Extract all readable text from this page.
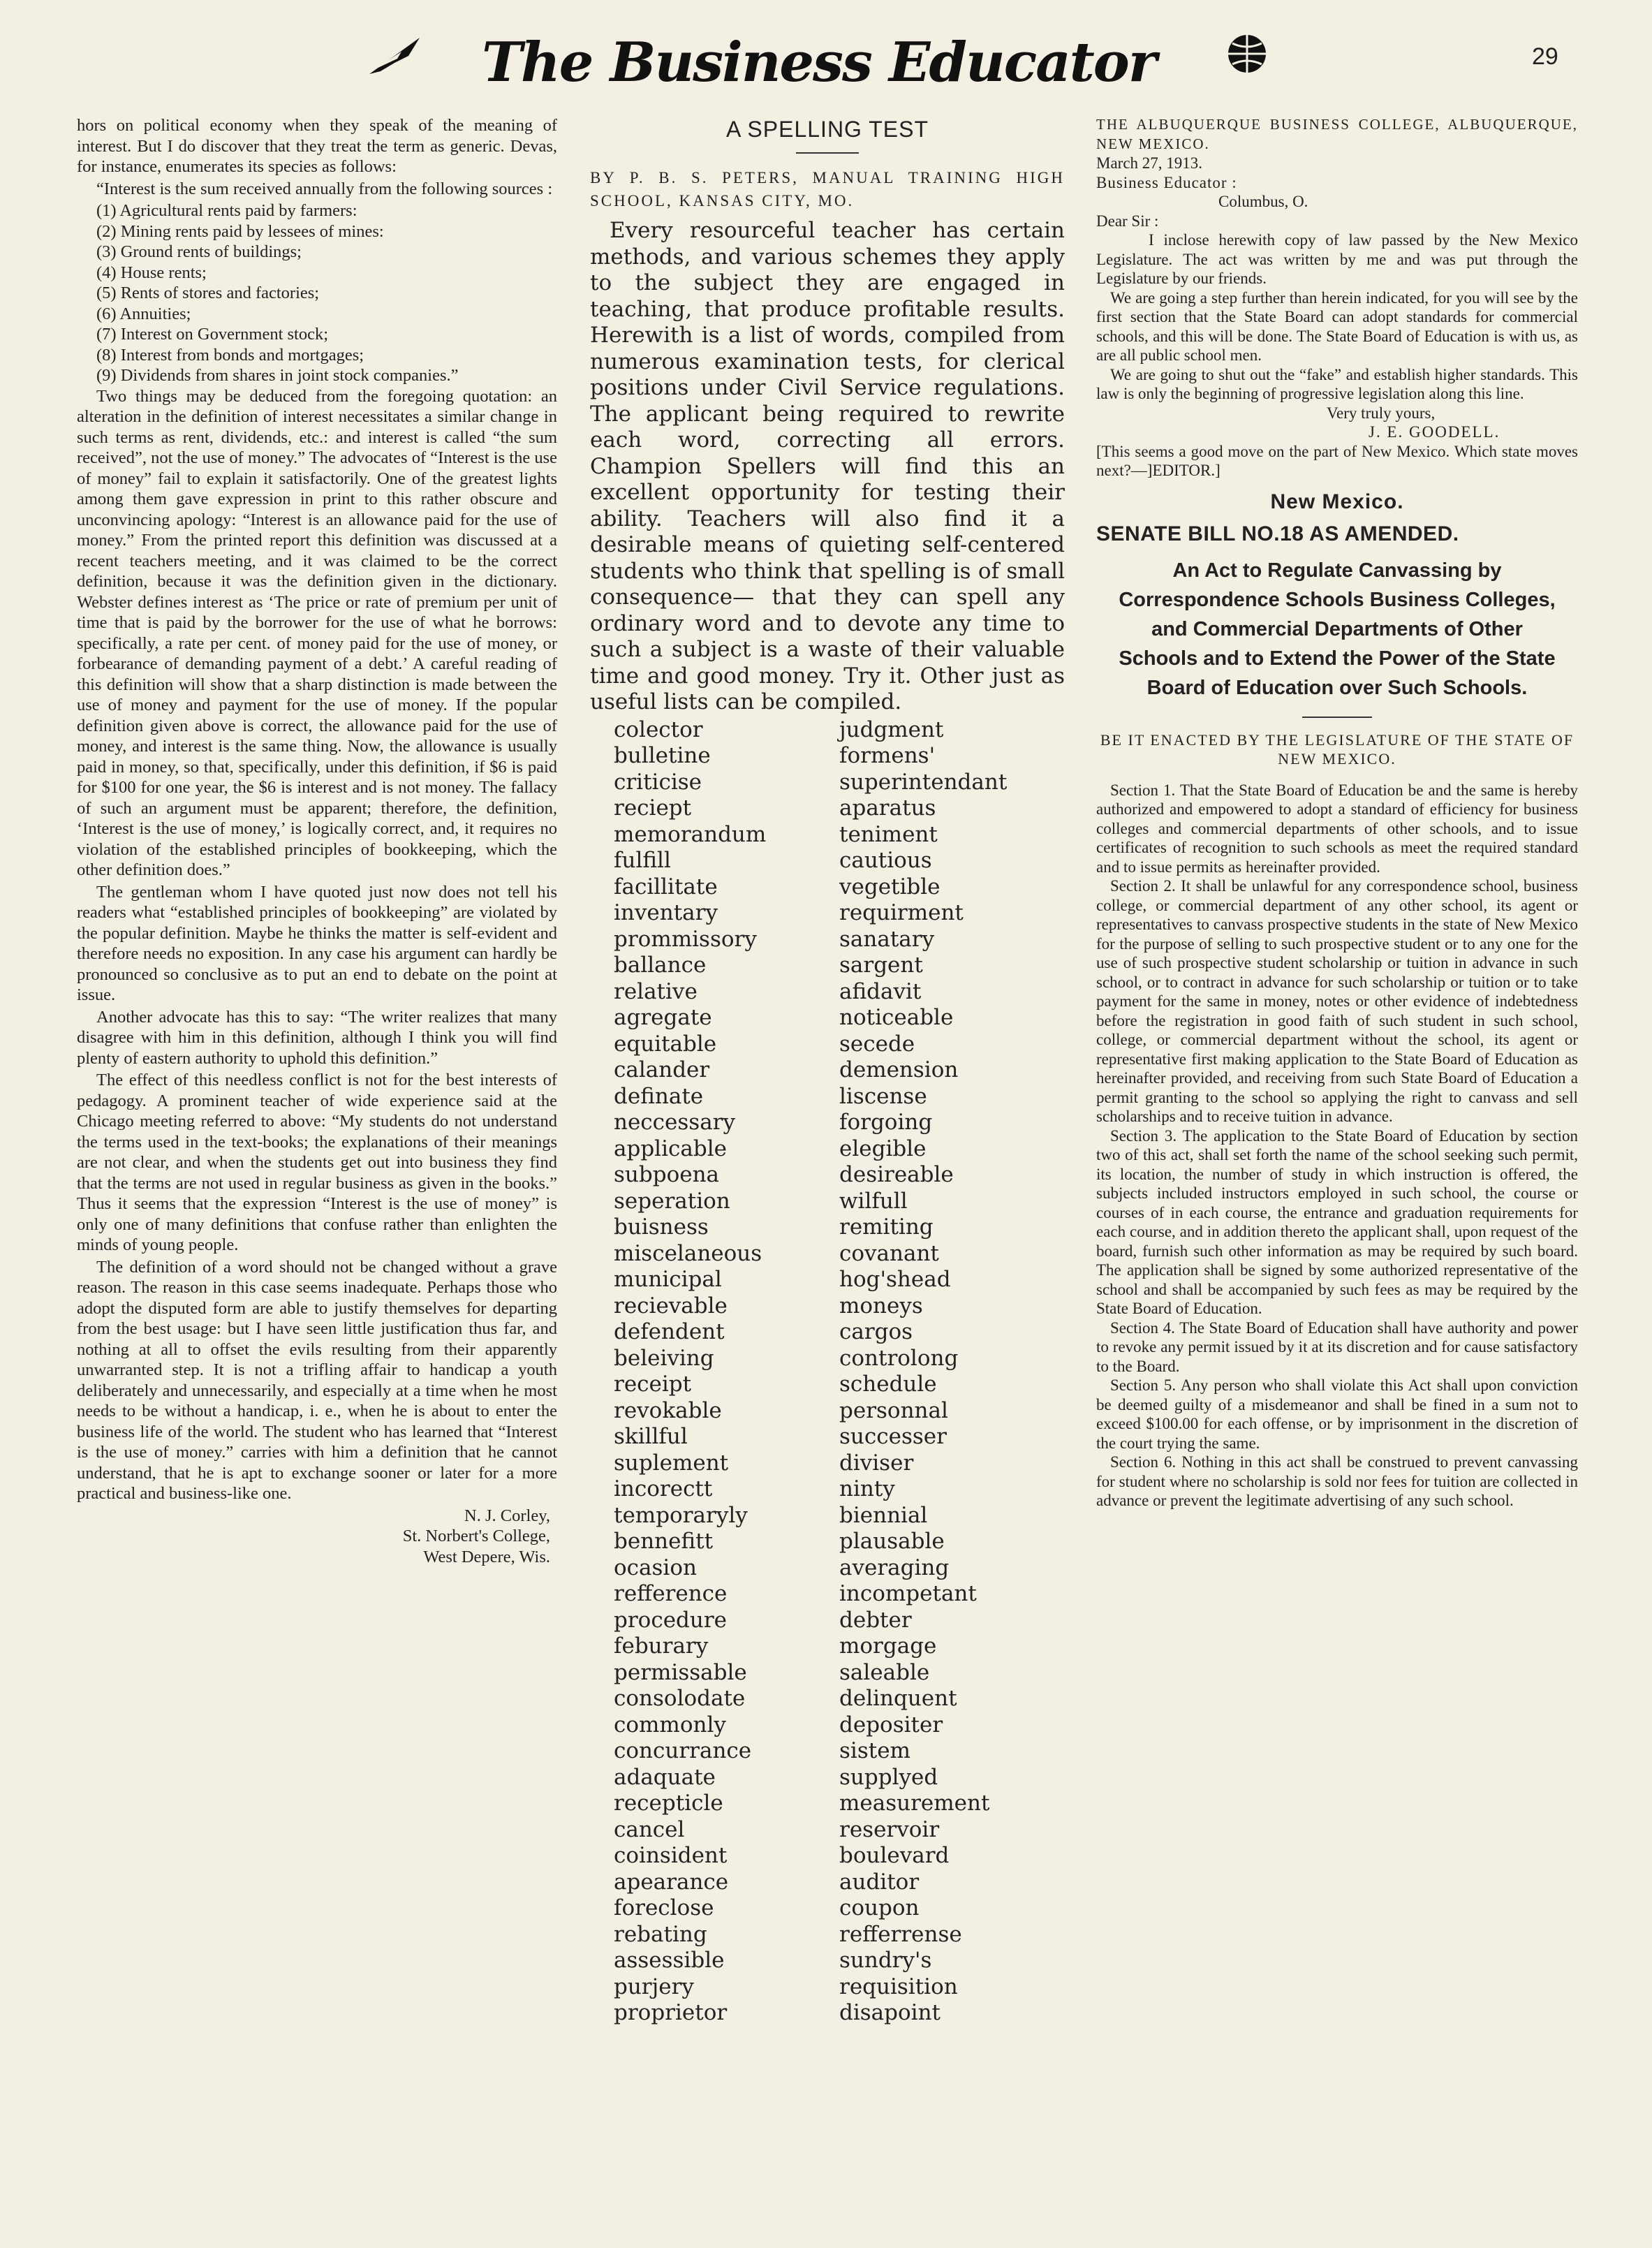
The Business Educator	29

hors on political economy when they speak of the meaning of interest. But I do discover that they treat the term as generic. Devas, for instance, enumerates its species as follows:

“Interest is the sum received annually from the following sources :

(1) Agricultural rents paid by farmers:
(2) Mining rents paid by lessees of mines:
(3) Ground rents of buildings;
(4) House rents;
(5) Rents of stores and factories;
(6) Annuities;
(7) Interest on Government stock;
(8) Interest from bonds and mortgages;
(9) Dividends from shares in joint stock companies.”

Two things may be deduced from the foregoing quotation: an alteration in the definition of interest necessitates a similar change in such terms as rent, dividends, etc.: and interest is called “the sum received”, not the use of money.” The advocates of “Interest is the use of money” fail to explain it satisfactorily. One of the greatest lights among them gave expression in print to this rather obscure and unconvincing apology: “Interest is an allowance paid for the use of money.” From the printed report this definition was discussed at a recent teachers meeting, and it was claimed to be the correct definition, because it was the definition given in the dictionary. Webster defines interest as ‘The price or rate of premium per unit of time that is paid by the borrower for the use of what he borrows: specifically, a rate per cent. of money paid for the use of money, or forbearance of demanding payment of a debt.’ A careful reading of this definition will show that a sharp distinction is made between the use of money and payment for the use of money. If the popular definition given above is correct, the allowance paid for the use of money, and interest is the same thing. Now, the allowance is usually paid in money, so that, specifically, under this definition, if $6 is paid for $100 for one year, the $6 is interest and is not money. The fallacy of such an argument must be apparent; therefore, the definition, ‘Interest is the use of money,’ is logically correct, and, it requires no violation of the established principles of bookkeeping, which the other definition does.”

The gentleman whom I have quoted just now does not tell his readers what “established principles of bookkeeping” are violated by the popular definition. Maybe he thinks the matter is self-evident and therefore needs no exposition. In any case his argument can hardly be pronounced so conclusive as to put an end to debate on the point at issue.

Another advocate has this to say: “The writer realizes that many disagree with him in this definition, although I think you will find plenty of eastern authority to uphold this definition.”

The effect of this needless conflict is not for the best interests of pedagogy. A prominent teacher of wide experience said at the Chicago meeting referred to above: “My students do not understand the terms used in the text-books; the explanations of their meanings are not clear, and when the students get out into business they find that the terms are not used in regular business as given in the books.” Thus it seems that the expression “Interest is the use of money” is only one of many definitions that confuse rather than enlighten the minds of young people.

The definition of a word should not be changed without a grave reason. The reason in this case seems inadequate. Perhaps those who adopt the disputed form are able to justify themselves for departing from the best usage: but I have seen little justification thus far, and nothing at all to offset the evils resulting from their apparently unwarranted step. It is not a trifling affair to handicap a youth deliberately and unnecessarily, and especially at a time when he most needs to be without a handicap, i. e., when he is about to enter the business life of the world. The student who has learned that “Interest is the use of money.” carries with him a definition that he cannot understand, that he is apt to exchange sooner or later for a more practical and business-like one.

N. J. Corley,
St. Norbert's College,
West Depere, Wis.
A SPELLING TEST
BY P. B. S. PETERS, MANUAL TRAINING HIGH SCHOOL, KANSAS CITY, MO.
Every resourceful teacher has certain methods, and various schemes they apply to the subject they are engaged in teaching, that produce profitable results. Herewith is a list of words, compiled from numerous examination tests, for clerical positions under Civil Service regulations. The applicant being required to rewrite each word, correcting all errors. Champion Spellers will find this an excellent opportunity for testing their ability. Teachers will also find it a desirable means of quieting self-centered students who think that spelling is of small consequence— that they can spell any ordinary word and to devote any time to such a subject is a waste of their valuable time and good money. Try it. Other just as useful lists can be compiled.
colector
bulletine
criticise
reciept
memorandum
fulfill
facillitate
inventary
prommissory
ballance
relative
agregate
equitable
calander
definate
neccessary
applicable
subpoena
seperation
buisness
miscelaneous
municipal
recievable
defendent
beleiving
receipt
revokable
skillful
suplement
incorectt
temporaryly
bennefitt
ocasion
refference
procedure
feburary
permissable
consolodate
commonly
concurrance
adaquate
recepticle
cancel
coinsident
apearance
foreclose
rebating
assessible
purjery
proprietor
judgment
formens'
superintendant
aparatus
teniment
cautious
vegetible
requirment
sanatary
sargent
afidavit
noticeable
secede
demension
liscense
forgoing
elegible
desireable
wilfull
remiting
covanant
hog'shead
moneys
cargos
controlong
schedule
personnal
successer
diviser
ninty
biennial
plausable
averaging
incompetant
debter
morgage
saleable
delinquent
depositer
sistem
supplyed
measurement
reservoir
boulevard
auditor
coupon
refferrense
sundry's
requisition
disapoint

THE ALBUQUERQUE BUSINESS COLLEGE, ALBUQUERQUE, NEW MEXICO.

March 27, 1913.

Business Educator :

Columbus, O.

Dear Sir :

I inclose herewith copy of law passed by the New Mexico Legislature. The act was written by me and was put through the Legislature by our friends.

We are going a step further than herein indicated, for you will see by the first section that the State Board can adopt standards for commercial schools, and this will be done. The State Board of Education is with us, as are all public school men.

We are going to shut out the “fake” and establish higher standards. This law is only the beginning of progressive legislation along this line.

Very truly yours,

J. E. GOODELL.

[This seems a good move on the part of New Mexico. Which state moves next?—]EDITOR.]

New Mexico.
SENATE BILL NO.18 AS AMENDED.
An Act to Regulate Canvassing by Correspondence Schools Business Colleges, and Commercial Departments of Other Schools and to Extend the Power of the State Board of Education over Such Schools.

BE IT ENACTED BY THE LEGISLATURE OF THE STATE OF NEW MEXICO.

Section 1. That the State Board of Education be and the same is hereby authorized and empowered to adopt a standard of efficiency for business colleges and commercial departments of other schools, and to issue certificates of recognition to such schools as meet the required standard and to issue permits as hereinafter provided.

Section 2. It shall be unlawful for any correspondence school, business college, or commercial department of any other school, its agent or representatives to canvass prospective students in the state of New Mexico for the purpose of selling to such prospective student or to any one for the use of such prospective student scholarship or tuition in advance in such school, or to contract in advance for such scholarship or tuition or to take payment for the same in money, notes or other evidence of indebtedness before the registration in good faith of such student in such school, college, or commercial department without the school, its agent or representative first making application to the State Board of Education as hereinafter provided, and receiving from such State Board of Education a permit granting to the school so applying the right to canvass and sell scholarships and to receive tuition in advance.

Section 3. The application to the State Board of Education by section two of this act, shall set forth the name of the school seeking such permit, its location, the number of study in which instruction is offered, the subjects included instructors employed in such school, the course or courses of in each course, the entrance and graduation requirements for each course, and in addition thereto the applicant shall, upon request of the board, furnish such other information as may be required by such board. The application shall be signed by some authorized representative of the school and shall be accompanied by such fees as may be required by the State Board of Education.

Section 4. The State Board of Education shall have authority and power to revoke any permit issued by it at its discretion and for cause satisfactory to the Board.

Section 5. Any person who shall violate this Act shall upon conviction be deemed guilty of a misdemeanor and shall be fined in a sum not to exceed $100.00 for each offense, or by imprisonment in the discretion of the court trying the same.

Section 6. Nothing in this act shall be construed to prevent canvassing for student where no scholarship is sold nor fees for tuition are collected in advance or prevent the legitimate advertising of any such school.
